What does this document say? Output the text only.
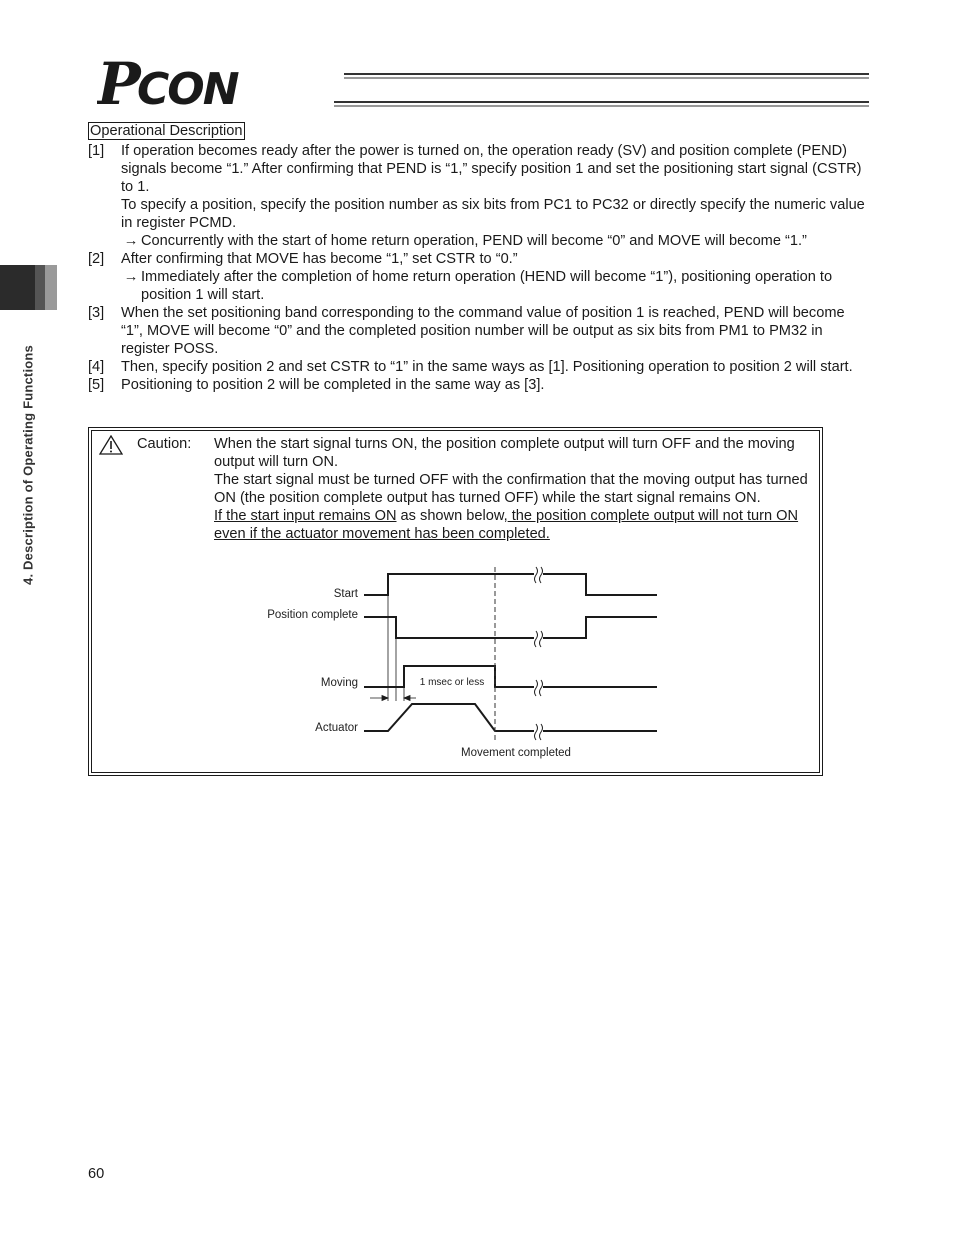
P
CON
4. Description of Operating Functions
Operational Description
[1] If operation becomes ready after the power is turned on, the operation ready (SV) and position complete (PEND) signals become “1.” After confirming that PEND is “1,” specify position 1 and set the positioning start signal (CSTR) to 1.
To specify a position, specify the position number as six bits from PC1 to PC32 or directly specify the numeric value in register PCMD.
→ Concurrently with the start of home return operation, PEND will become “0” and MOVE will become “1.”
[2] After confirming that MOVE has become “1,” set CSTR to “0.”
→ Immediately after the completion of home return operation (HEND will become “1”), positioning operation to position 1 will start.
[3] When the set positioning band corresponding to the command value of position 1 is reached, PEND will become “1”, MOVE will become “0” and the completed position number will be output as six bits from PM1 to PM32 in register POSS.
[4] Then, specify position 2 and set CSTR to “1” in the same ways as [1]. Positioning operation to position 2 will start.
[5] Positioning to position 2 will be completed in the same way as [3].
Caution: When the start signal turns ON, the position complete output will turn OFF and the moving output will turn ON.
The start signal must be turned OFF with the confirmation that the moving output has turned ON (the position complete output has turned OFF) while the start signal remains ON.
If the start input remains ON as shown below, the position complete output will not turn ON even if the actuator movement has been completed.
Start
Position complete
Moving
Actuator
1 msec or less
Movement completed
60
